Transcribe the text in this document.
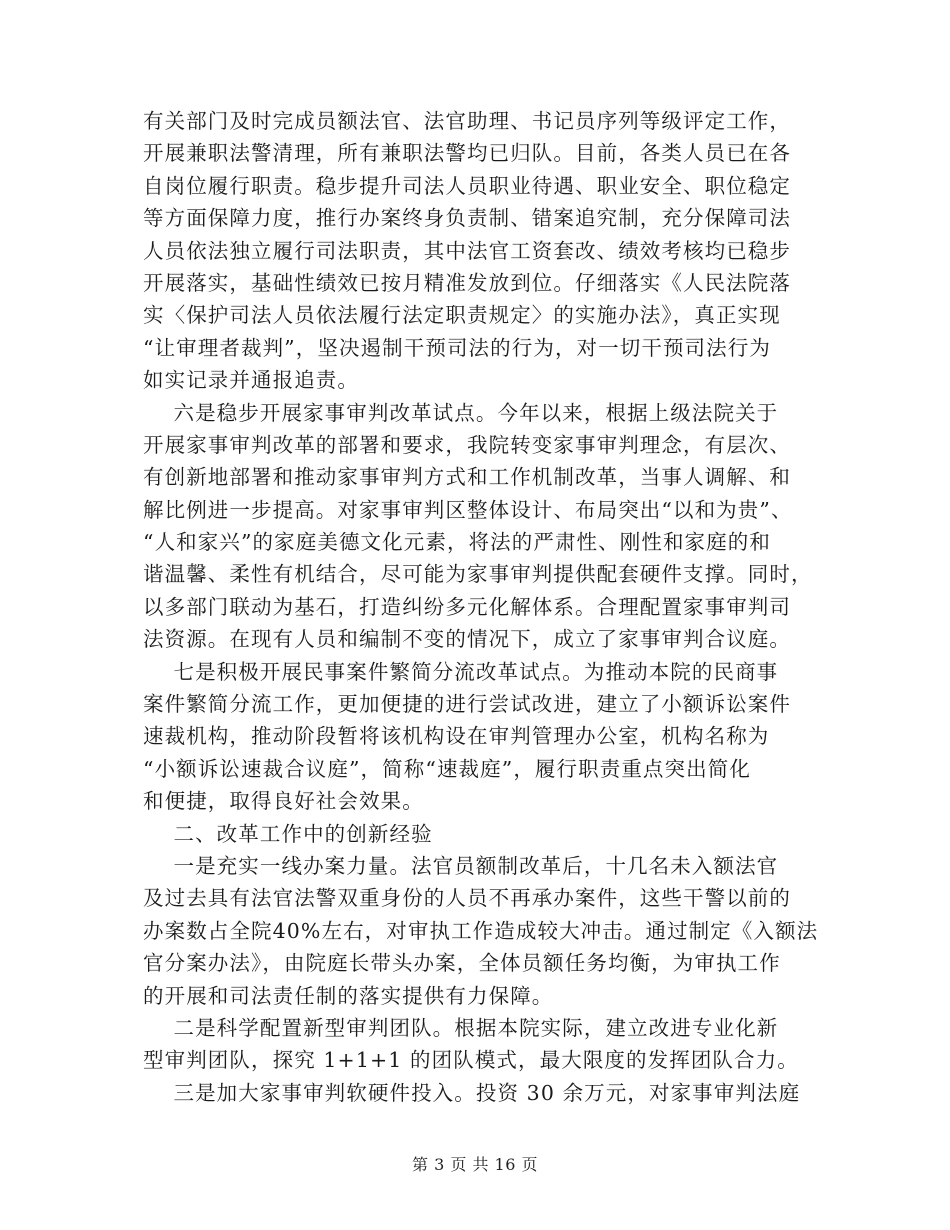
有关部门及时完成员额法官、法官助理、书记员序列等级评定工作，
开展兼职法警清理，所有兼职法警均已归队。目前，各类人员已在各
自岗位履行职责。稳步提升司法人员职业待遇、职业安全、职位稳定
等方面保障力度，推行办案终身负责制、错案追究制，充分保障司法
人员依法独立履行司法职责，其中法官工资套改、绩效考核均已稳步
开展落实，基础性绩效已按月精准发放到位。仔细落实《人民法院落
实〈保护司法人员依法履行法定职责规定〉的实施办法》，真正实现
“让审理者裁判”，坚决遏制干预司法的行为，对一切干预司法行为
如实记录并通报追责。
六是稳步开展家事审判改革试点。今年以来，根据上级法院关于
开展家事审判改革的部署和要求，我院转变家事审判理念，有层次、
有创新地部署和推动家事审判方式和工作机制改革，当事人调解、和
解比例进一步提高。对家事审判区整体设计、布局突出“以和为贵”、
“人和家兴”的家庭美德文化元素，将法的严肃性、刚性和家庭的和
谐温馨、柔性有机结合，尽可能为家事审判提供配套硬件支撑。同时，
以多部门联动为基石，打造纠纷多元化解体系。合理配置家事审判司
法资源。在现有人员和编制不变的情况下，成立了家事审判合议庭。
七是积极开展民事案件繁简分流改革试点。为推动本院的民商事
案件繁简分流工作，更加便捷的进行尝试改进，建立了小额诉讼案件
速裁机构，推动阶段暂将该机构设在审判管理办公室，机构名称为
“小额诉讼速裁合议庭”，简称“速裁庭”，履行职责重点突出简化
和便捷，取得良好社会效果。
二、改革工作中的创新经验
一是充实一线办案力量。法官员额制改革后，十几名未入额法官
及过去具有法官法警双重身份的人员不再承办案件，这些干警以前的
办案数占全院40%左右，对审执工作造成较大冲击。通过制定《入额法
官分案办法》，由院庭长带头办案，全体员额任务均衡，为审执工作
的开展和司法责任制的落实提供有力保障。
二是科学配置新型审判团队。根据本院实际，建立改进专业化新
型审判团队，探究 1+1+1 的团队模式，最大限度的发挥团队合力。
三是加大家事审判软硬件投入。投资 30 余万元，对家事审判法庭
第 3 页 共 16 页
